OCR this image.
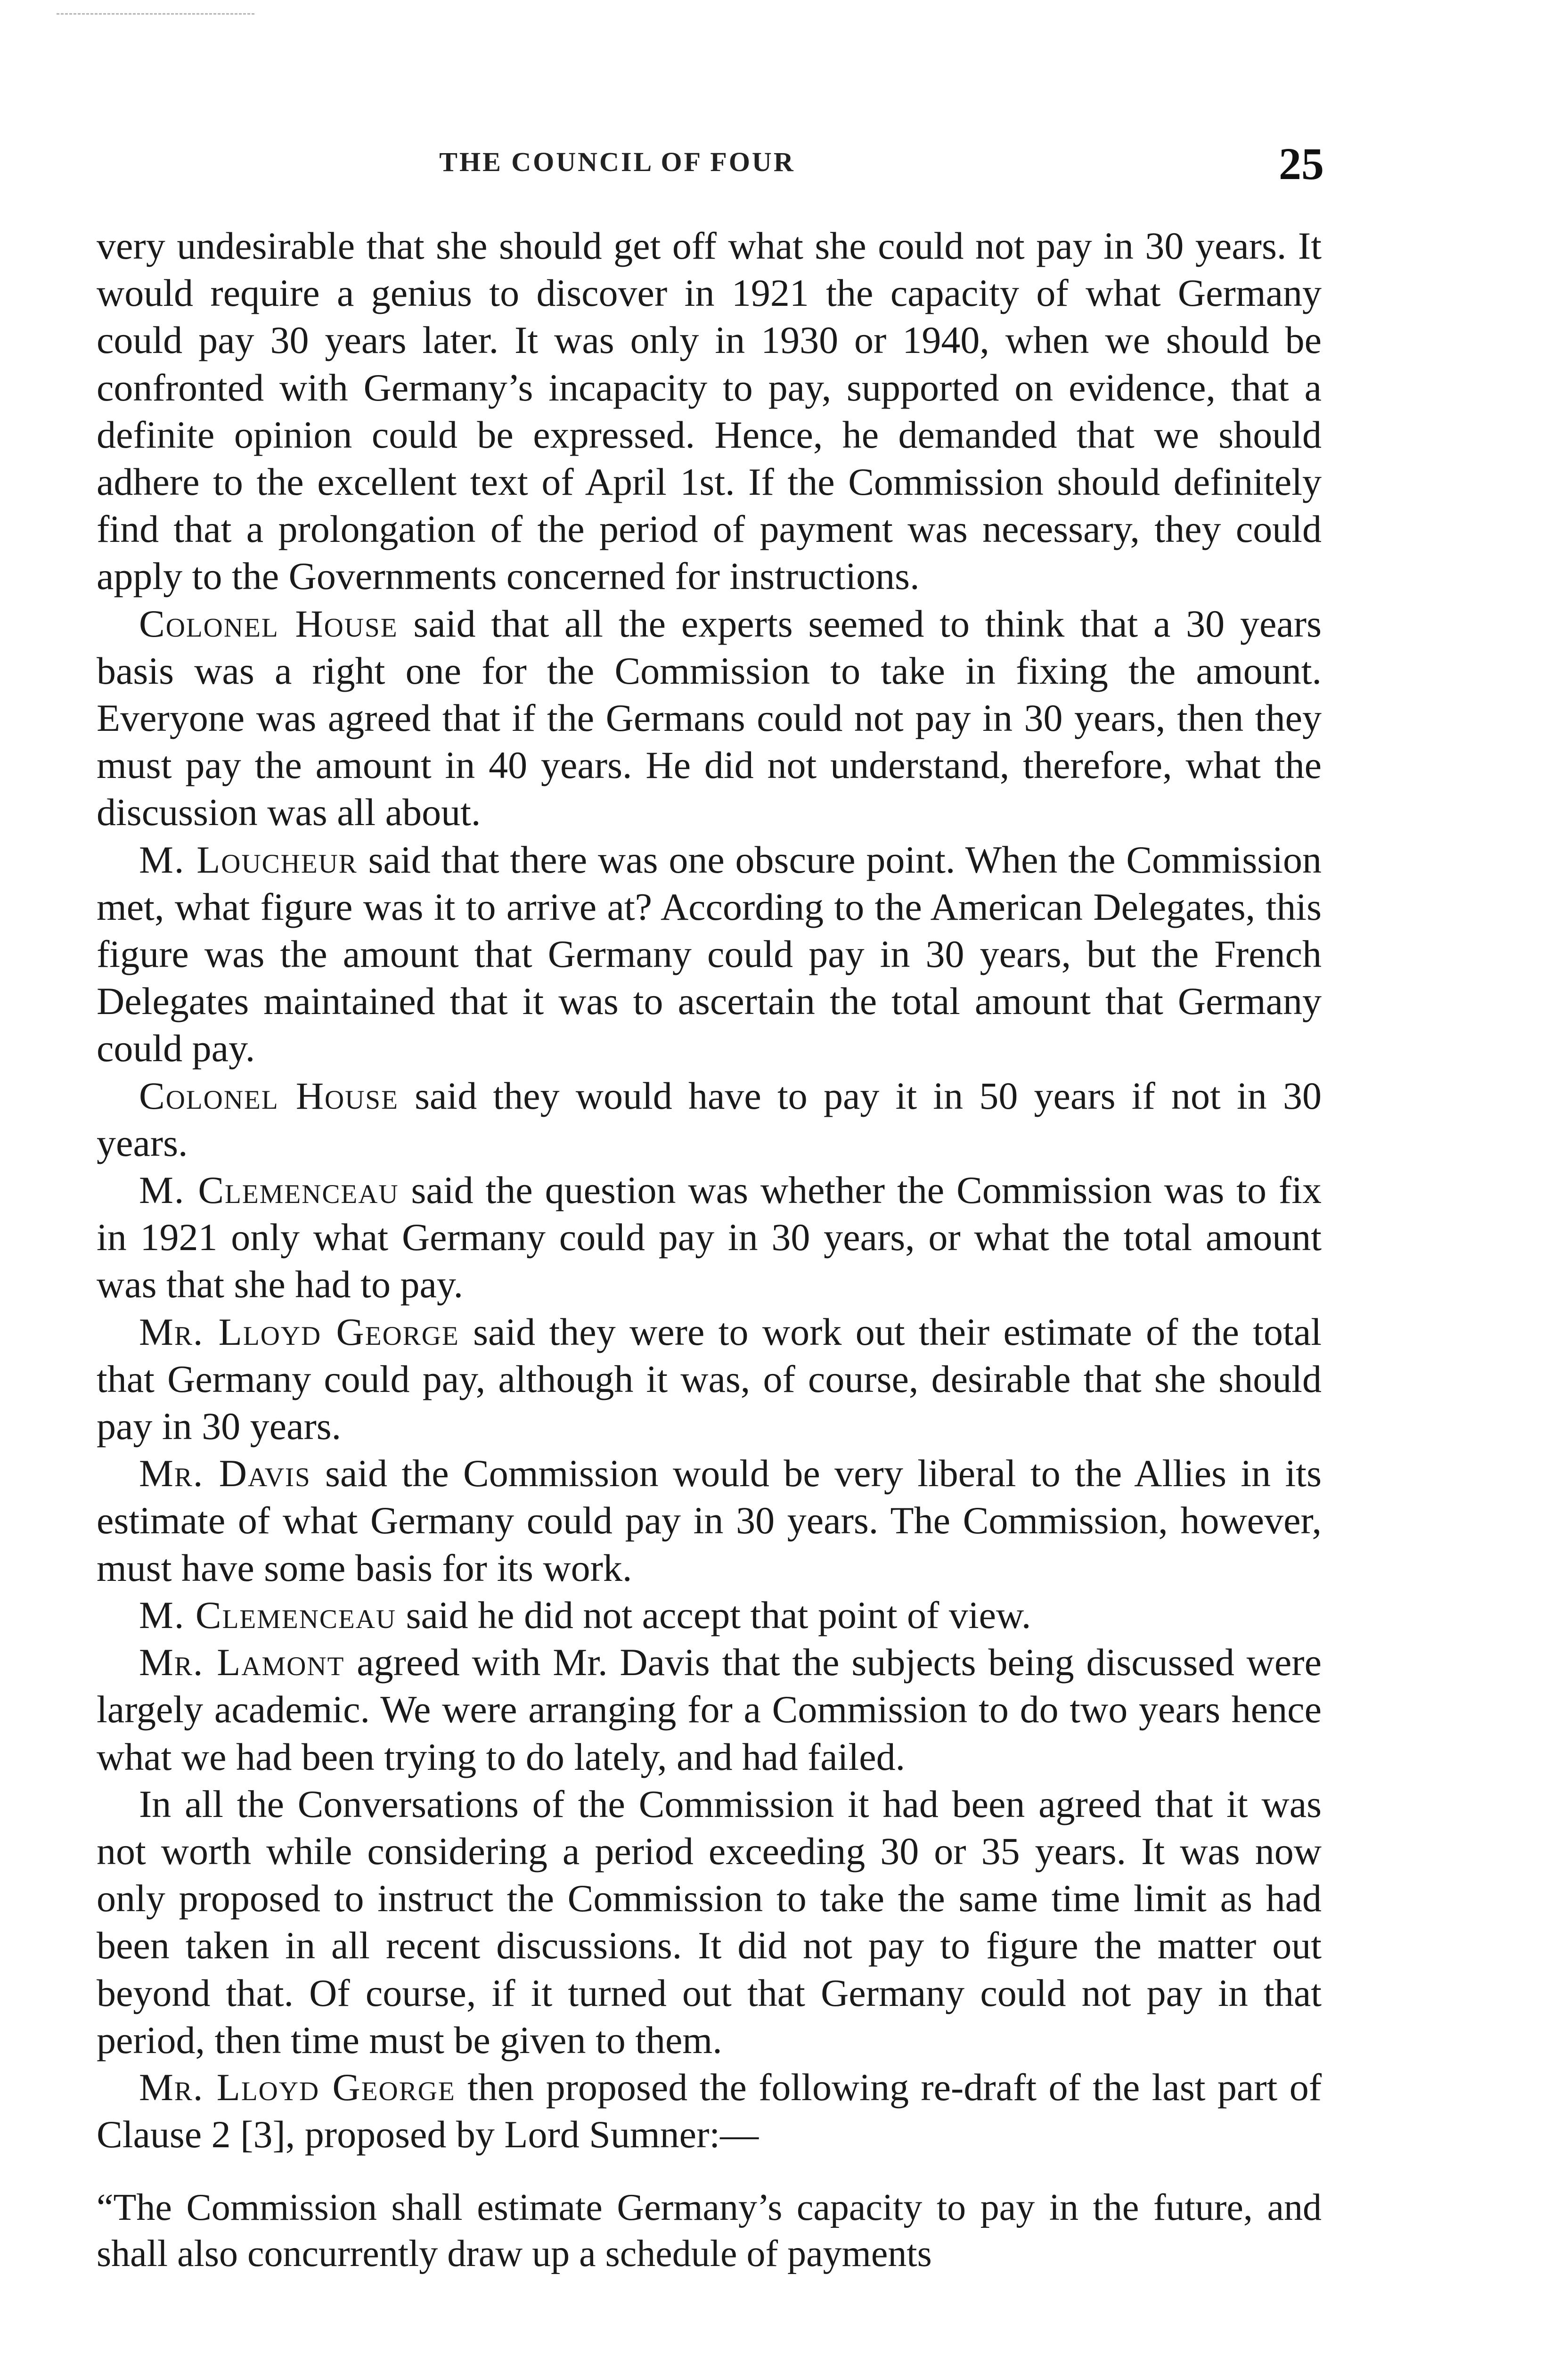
THE COUNCIL OF FOUR	25

very undesirable that she should get off what she could not pay in 30 years. It would require a genius to discover in 1921 the capacity of what Germany could pay 30 years later. It was only in 1930 or 1940, when we should be confronted with Germany’s incapacity to pay, supported on evidence, that a definite opinion could be expressed. Hence, he demanded that we should adhere to the excellent text of April 1st. If the Commission should definitely find that a prolongation of the period of payment was necessary, they could apply to the Governments concerned for instructions.

Colonel House said that all the experts seemed to think that a 30 years basis was a right one for the Commission to take in fixing the amount. Everyone was agreed that if the Germans could not pay in 30 years, then they must pay the amount in 40 years. He did not understand, therefore, what the discussion was all about.

M. Loucheur said that there was one obscure point. When the Commission met, what figure was it to arrive at? According to the American Delegates, this figure was the amount that Germany could pay in 30 years, but the French Delegates maintained that it was to ascertain the total amount that Germany could pay.

Colonel House said they would have to pay it in 50 years if not in 30 years.

M. Clemenceau said the question was whether the Commission was to fix in 1921 only what Germany could pay in 30 years, or what the total amount was that she had to pay.

Mr. Lloyd George said they were to work out their estimate of the total that Germany could pay, although it was, of course, desirable that she should pay in 30 years.

Mr. Davis said the Commission would be very liberal to the Allies in its estimate of what Germany could pay in 30 years. The Commission, however, must have some basis for its work.

M. Clemenceau said he did not accept that point of view.

Mr. Lamont agreed with Mr. Davis that the subjects being discussed were largely academic. We were arranging for a Commission to do two years hence what we had been trying to do lately, and had failed.

In all the Conversations of the Commission it had been agreed that it was not worth while considering a period exceeding 30 or 35 years. It was now only proposed to instruct the Commission to take the same time limit as had been taken in all recent discussions. It did not pay to figure the matter out beyond that. Of course, if it turned out that Germany could not pay in that period, then time must be given to them.

Mr. Lloyd George then proposed the following re-draft of the last part of Clause 2 [3], proposed by Lord Sumner:—

“The Commission shall estimate Germany’s capacity to pay in the future, and shall also concurrently draw up a schedule of payments
